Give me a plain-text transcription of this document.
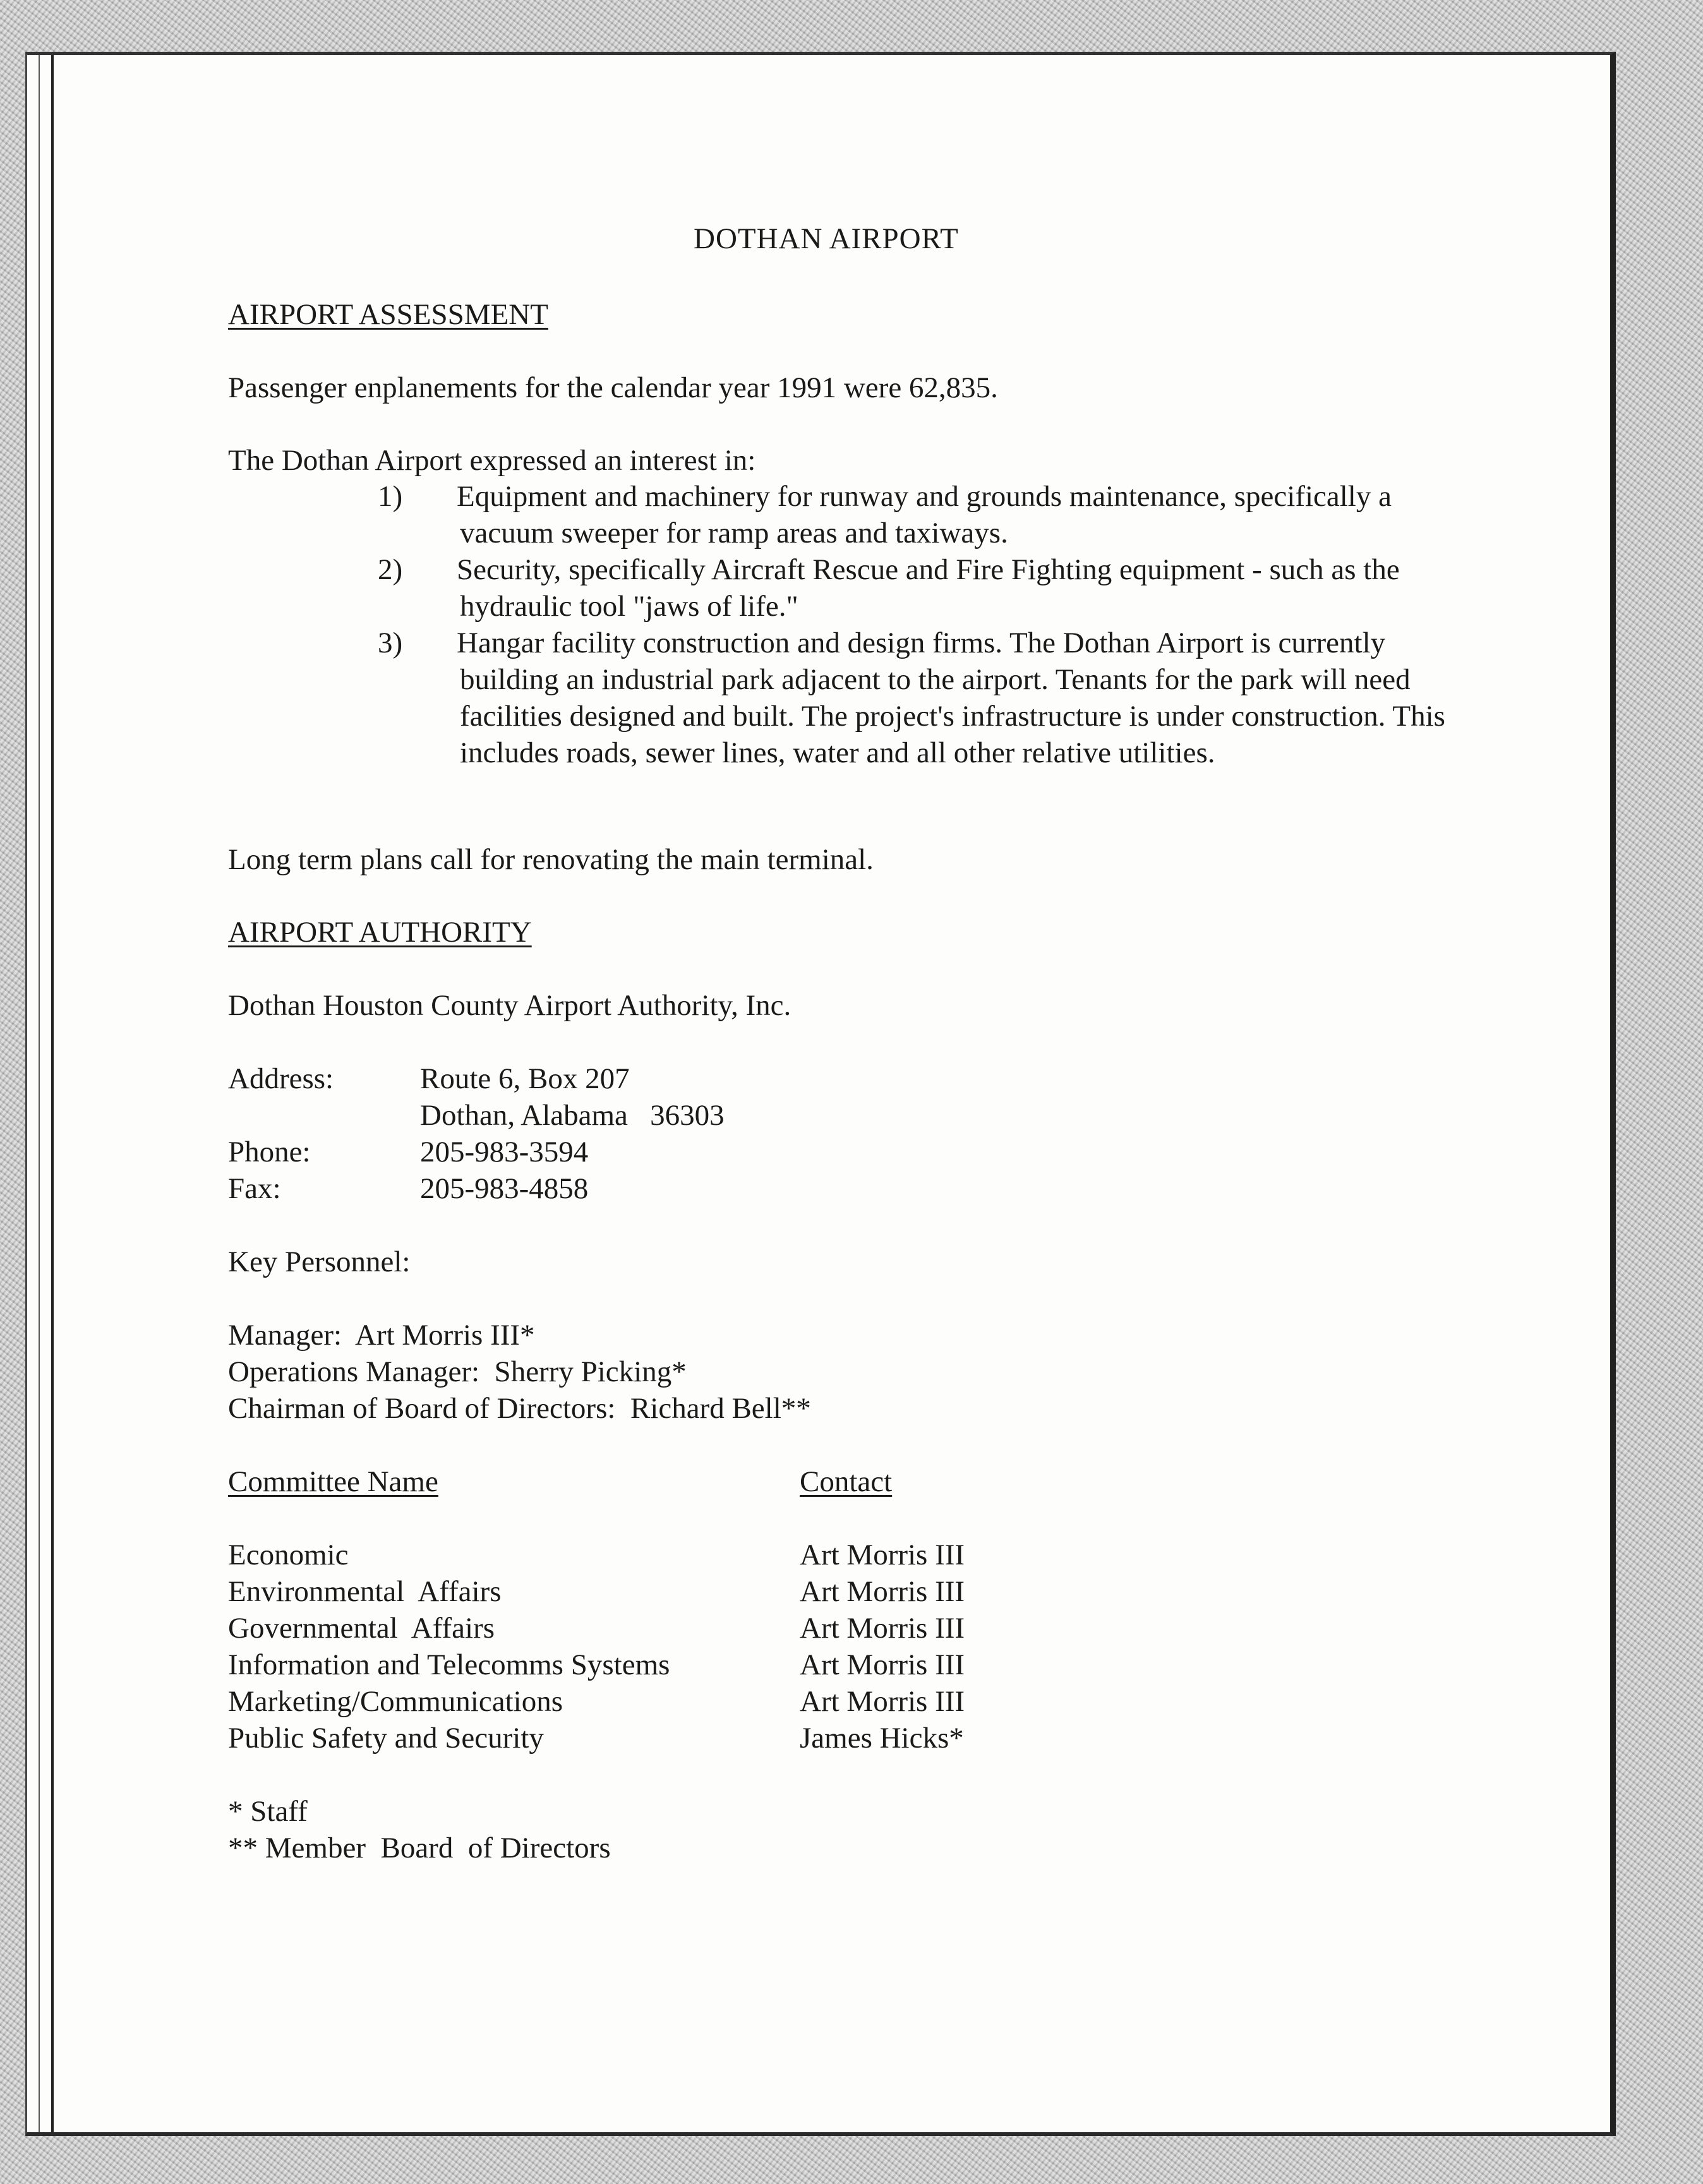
DOTHAN AIRPORT
AIRPORT ASSESSMENT
Passenger enplanements for the calendar year 1991 were 62,835.
The Dothan Airport expressed an interest in:
1) Equipment and machinery for runway and grounds maintenance, specifically a vacuum sweeper for ramp areas and taxiways.
2) Security, specifically Aircraft Rescue and Fire Fighting equipment - such as the hydraulic tool "jaws of life."
3) Hangar facility construction and design firms. The Dothan Airport is currently building an industrial park adjacent to the airport. Tenants for the park will need facilities designed and built. The project's infrastructure is under construction. This includes roads, sewer lines, water and all other relative utilities.
Long term plans call for renovating the main terminal.
AIRPORT AUTHORITY
Dothan Houston County Airport Authority, Inc.
Address:	Route 6, Box 207
Dothan, Alabama   36303
Phone:	205-983-3594
Fax:	205-983-4858
Key Personnel:
Manager:  Art Morris III*
Operations Manager:  Sherry Picking*
Chairman of Board of Directors:  Richard Bell**
Committee Name	Contact
Economic	Art Morris III
Environmental  Affairs	Art Morris III
Governmental  Affairs	Art Morris III
Information and Telecomms Systems	Art Morris III
Marketing/Communications	Art Morris III
Public Safety and Security	James Hicks*
* Staff
** Member  Board  of Directors
